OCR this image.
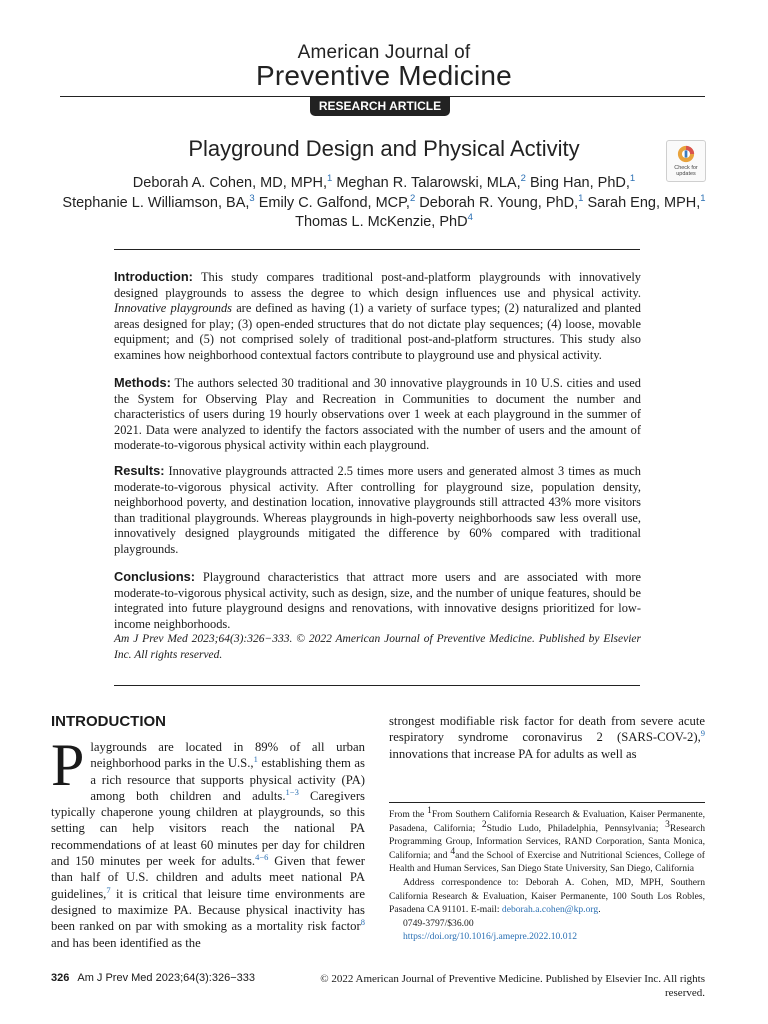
American Journal of
Preventive Medicine
RESEARCH ARTICLE
Playground Design and Physical Activity
Check for updates
Deborah A. Cohen, MD, MPH,$^1$ Meghan R. Talarowski, MLA,$^2$ Bing Han, PhD,$^1$
Stephanie L. Williamson, BA,$^3$ Emily C. Galfond, MCP,$^2$ Deborah R. Young, PhD,$^1$ Sarah Eng, MPH,$^1$
Thomas L. McKenzie, PhD$^4$
Introduction: This study compares traditional post-and-platform playgrounds with innovatively designed playgrounds to assess the degree to which design influences use and physical activity. Innovative playgrounds are defined as having (1) a variety of surface types; (2) naturalized and planted areas designed for play; (3) open-ended structures that do not dictate play sequences; (4) loose, movable equipment; and (5) not comprised solely of traditional post-and-platform structures. This study also examines how neighborhood contextual factors contribute to playground use and physical activity.
Methods: The authors selected 30 traditional and 30 innovative playgrounds in 10 U.S. cities and used the System for Observing Play and Recreation in Communities to document the number and characteristics of users during 19 hourly observations over 1 week at each playground in the summer of 2021. Data were analyzed to identify the factors associated with the number of users and the amount of moderate-to-vigorous physical activity within each playground.
Results: Innovative playgrounds attracted 2.5 times more users and generated almost 3 times as much moderate-to-vigorous physical activity. After controlling for playground size, population density, neighborhood poverty, and destination location, innovative playgrounds still attracted 43% more visitors than traditional playgrounds. Whereas playgrounds in high-poverty neighborhoods saw less overall use, innovatively designed playgrounds mitigated the difference by 60% compared with traditional playgrounds.
Conclusions: Playground characteristics that attract more users and are associated with more moderate-to-vigorous physical activity, such as design, size, and the number of unique features, should be integrated into future playground designs and renovations, with innovative designs prioritized for low-income neighborhoods.
Am J Prev Med 2023;64(3):326−333. © 2022 American Journal of Preventive Medicine. Published by Elsevier Inc. All rights reserved.
INTRODUCTION
Playgrounds are located in 89% of all urban neighborhood parks in the U.S.,$^1$ establishing them as a rich resource that supports physical activity (PA) among both children and adults.$^{1-3}$ Caregivers typically chaperone young children at playgrounds, so this setting can help visitors reach the national PA recommendations of at least 60 minutes per day for children and 150 minutes per week for adults.$^{4-6}$ Given that fewer than half of U.S. children and adults meet national PA guidelines,$^7$ it is critical that leisure time environments are designed to maximize PA. Because physical inactivity has been ranked on par with smoking as a mortality risk factor$^8$ and has been identified as the
strongest modifiable risk factor for death from severe acute respiratory syndrome coronavirus 2 (SARS-COV-2),$^9$ innovations that increase PA for adults as well as

From the $^1$From Southern California Research & Evaluation, Kaiser Permanente, Pasadena, California; $^2$Studio Ludo, Philadelphia, Pennsylvania; $^3$Research Programming Group, Information Services, RAND Corporation, Santa Monica, California; and $^4$and the School of Exercise and Nutritional Sciences, College of Health and Human Services, San Diego State University, San Diego, California

Address correspondence to: Deborah A. Cohen, MD, MPH, Southern California Research & Evaluation, Kaiser Permanente, 100 South Los Robles, Pasadena CA 91101. E-mail: deborah.a.cohen@kp.org.

0749-3797/$36.00

https://doi.org/10.1016/j.amepre.2022.10.012

326 Am J Prev Med 2023;64(3):326−333	© 2022 American Journal of Preventive Medicine. Published by Elsevier Inc. All rights reserved.
